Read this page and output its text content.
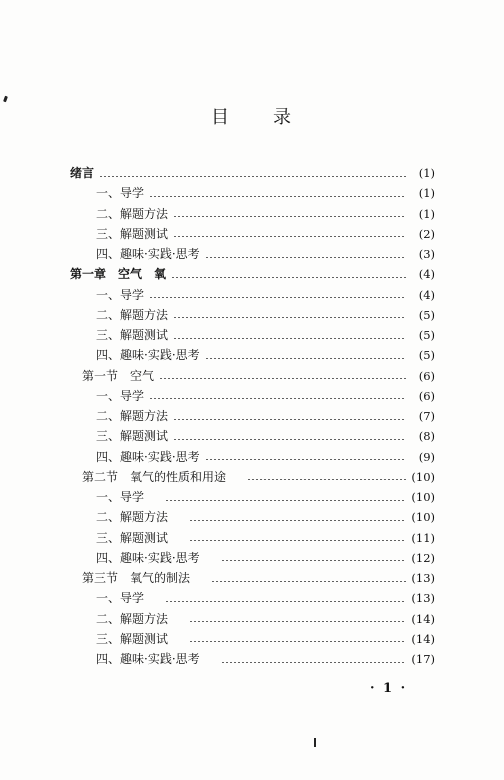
目 录
绪言	(1)
一、导学	(1)
二、解题方法	(1)
三、解题测试	(2)
四、趣味·实践·思考	(3)
第一章　空气　氧	(4)
一、导学	(4)
二、解题方法	(5)
三、解题测试	(5)
四、趣味·实践·思考	(5)
第一节　空气	(6)
一、导学	(6)
二、解题方法	(7)
三、解题测试	(8)
四、趣味·实践·思考	(9)
第二节　氧气的性质和用途	(10)
一、导学	(10)
二、解题方法	(10)
三、解题测试	(11)
四、趣味·实践·思考	(12)
第三节　氧气的制法	(13)
一、导学	(13)
二、解题方法	(14)
三、解题测试	(14)
四、趣味·实践·思考	(17)
· 1 ·
